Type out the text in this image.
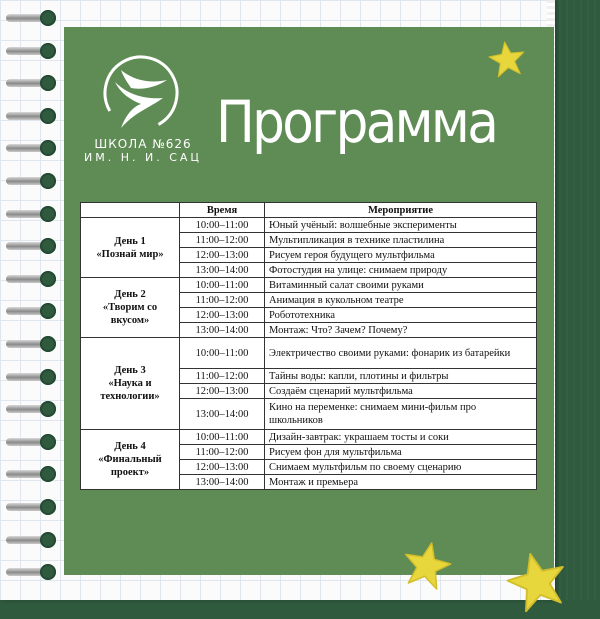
ШКОЛА №626
ИМ. Н. И. САЦ
Программа
	Время	Мероприятие

День 1
«Познай мир»	10:00–11:00	Юный учёный: волшебные эксперименты
	11:00–12:00	Мультипликация в технике пластилина
	12:00–13:00	Рисуем героя будущего мультфильма
	13:00–14:00	Фотостудия на улице: снимаем природу

День 2
«Творим со вкусом»	10:00–11:00	Витаминный салат своими руками
	11:00–12:00	Анимация в кукольном театре
	12:00–13:00	Робототехника
	13:00–14:00	Монтаж: Что? Зачем? Почему?

День 3
«Наука и технологии»	10:00–11:00	Электричество своими руками: фонарик из батарейки
	11:00–12:00	Тайны воды: капли, плотины и фильтры
	12:00–13:00	Создаём сценарий мультфильма
	13:00–14:00	Кино на переменке: снимаем мини-фильм про школьников

День 4
«Финальный проект»	10:00–11:00	Дизайн-завтрак: украшаем тосты и соки
	11:00–12:00	Рисуем фон для мультфильма
	12:00–13:00	Снимаем мультфильм по своему сценарию
	13:00–14:00	Монтаж и премьера
